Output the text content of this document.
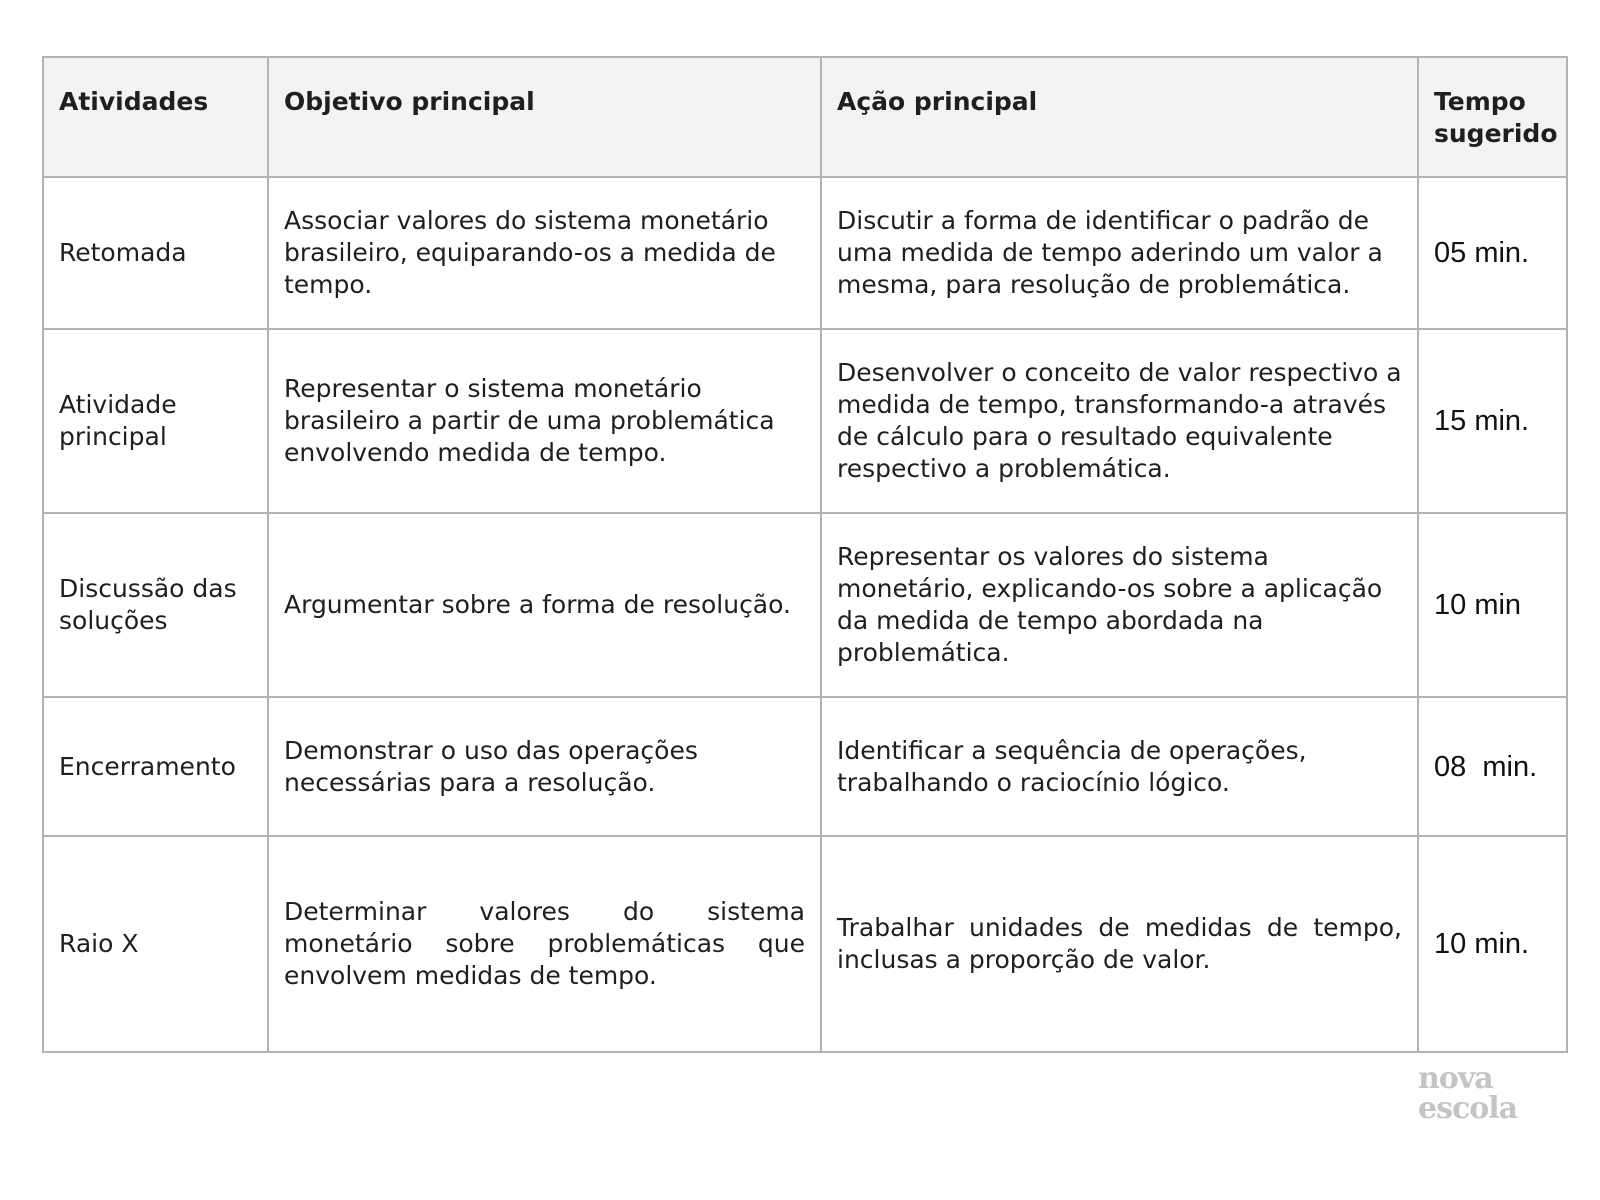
Atividades	Objetivo principal	Ação principal	Tempo sugerido
Retomada	Associar valores do sistema monetário brasileiro, equiparando-os a medida de tempo.	Discutir a forma de identificar o padrão de uma medida de tempo aderindo um valor a mesma, para resolução de problemática.	05 min.
Atividade principal	Representar o sistema monetário brasileiro a partir de uma problemática envolvendo medida de tempo.	Desenvolver o conceito de valor respectivo a medida de tempo, transformando-a através de cálculo para o resultado equivalente respectivo a problemática.	15 min.
Discussão das soluções	Argumentar sobre a forma de resolução.	Representar os valores do sistema monetário, explicando-os sobre a aplicação da medida de tempo abordada na problemática.	10 min
Encerramento	Demonstrar o uso das operações necessárias para a resolução.	Identificar a sequência de operações, trabalhando o raciocínio lógico.	08  min.
Raio X	Determinar valores do sistema monetário sobre problemáticas que envolvem medidas de tempo.	Trabalhar unidades de medidas de tempo, inclusas a proporção de valor.	10 min.
nova
escola
